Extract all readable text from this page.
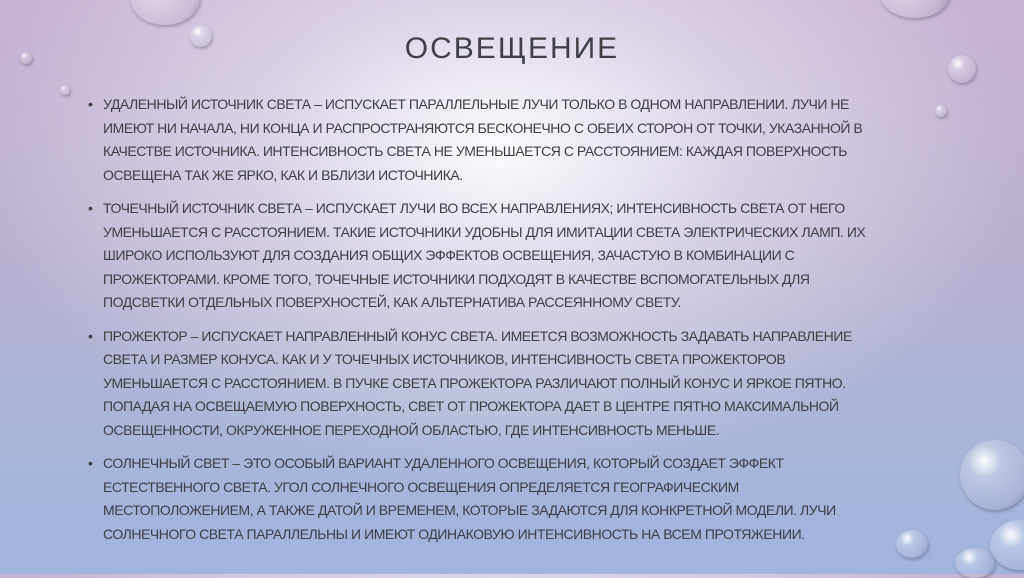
ОСВЕЩЕНИЕ
• УДАЛЕННЫЙ ИСТОЧНИК СВЕТА – ИСПУСКАЕТ ПАРАЛЛЕЛЬНЫЕ ЛУЧИ ТОЛЬКО В ОДНОМ НАПРАВЛЕНИИ. ЛУЧИ НЕ ИМЕЮТ НИ НАЧАЛА, НИ КОНЦА И РАСПРОСТРАНЯЮТСЯ БЕСКОНЕЧНО С ОБЕИХ СТОРОН ОТ ТОЧКИ, УКАЗАННОЙ В КАЧЕСТВЕ ИСТОЧНИКА. ИНТЕНСИВНОСТЬ СВЕТА НЕ УМЕНЬШАЕТСЯ С РАССТОЯНИЕМ: КАЖДАЯ ПОВЕРХНОСТЬ ОСВЕЩЕНА ТАК ЖЕ ЯРКО, КАК И ВБЛИЗИ ИСТОЧНИКА.
• ТОЧЕЧНЫЙ ИСТОЧНИК СВЕТА – ИСПУСКАЕТ ЛУЧИ ВО ВСЕХ НАПРАВЛЕНИЯХ; ИНТЕНСИВНОСТЬ СВЕТА ОТ НЕГО УМЕНЬШАЕТСЯ С РАССТОЯНИЕМ. ТАКИЕ ИСТОЧНИКИ УДОБНЫ ДЛЯ ИМИТАЦИИ СВЕТА ЭЛЕКТРИЧЕСКИХ ЛАМП. ИХ ШИРОКО ИСПОЛЬЗУЮТ ДЛЯ СОЗДАНИЯ ОБЩИХ ЭФФЕКТОВ ОСВЕЩЕНИЯ, ЗАЧАСТУЮ В КОМБИНАЦИИ С ПРОЖЕКТОРАМИ. КРОМЕ ТОГО, ТОЧЕЧНЫЕ ИСТОЧНИКИ ПОДХОДЯТ В КАЧЕСТВЕ ВСПОМОГАТЕЛЬНЫХ ДЛЯ ПОДСВЕТКИ ОТДЕЛЬНЫХ ПОВЕРХНОСТЕЙ, КАК АЛЬТЕРНАТИВА РАССЕЯННОМУ СВЕТУ.
• ПРОЖЕКТОР – ИСПУСКАЕТ НАПРАВЛЕННЫЙ КОНУС СВЕТА. ИМЕЕТСЯ ВОЗМОЖНОСТЬ ЗАДАВАТЬ НАПРАВЛЕНИЕ СВЕТА И РАЗМЕР КОНУСА. КАК И У ТОЧЕЧНЫХ ИСТОЧНИКОВ, ИНТЕНСИВНОСТЬ СВЕТА ПРОЖЕКТОРОВ УМЕНЬШАЕТСЯ С РАССТОЯНИЕМ. В ПУЧКЕ СВЕТА ПРОЖЕКТОРА РАЗЛИЧАЮТ ПОЛНЫЙ КОНУС И ЯРКОЕ ПЯТНО. ПОПАДАЯ НА ОСВЕЩАЕМУЮ ПОВЕРХНОСТЬ, СВЕТ ОТ ПРОЖЕКТОРА ДАЕТ В ЦЕНТРЕ ПЯТНО МАКСИМАЛЬНОЙ ОСВЕЩЕННОСТИ, ОКРУЖЕННОЕ ПЕРЕХОДНОЙ ОБЛАСТЬЮ, ГДЕ ИНТЕНСИВНОСТЬ МЕНЬШЕ.
• СОЛНЕЧНЫЙ СВЕТ – ЭТО ОСОБЫЙ ВАРИАНТ УДАЛЕННОГО ОСВЕЩЕНИЯ, КОТОРЫЙ СОЗДАЕТ ЭФФЕКТ ЕСТЕСТВЕННОГО СВЕТА. УГОЛ СОЛНЕЧНОГО ОСВЕЩЕНИЯ ОПРЕДЕЛЯЕТСЯ ГЕОГРАФИЧЕСКИМ МЕСТОПОЛОЖЕНИЕМ, А ТАКЖЕ ДАТОЙ И ВРЕМЕНЕМ, КОТОРЫЕ ЗАДАЮТСЯ ДЛЯ КОНКРЕТНОЙ МОДЕЛИ. ЛУЧИ СОЛНЕЧНОГО СВЕТА ПАРАЛЛЕЛЬНЫ И ИМЕЮТ ОДИНАКОВУЮ ИНТЕНСИВНОСТЬ НА ВСЕМ ПРОТЯЖЕНИИ.
